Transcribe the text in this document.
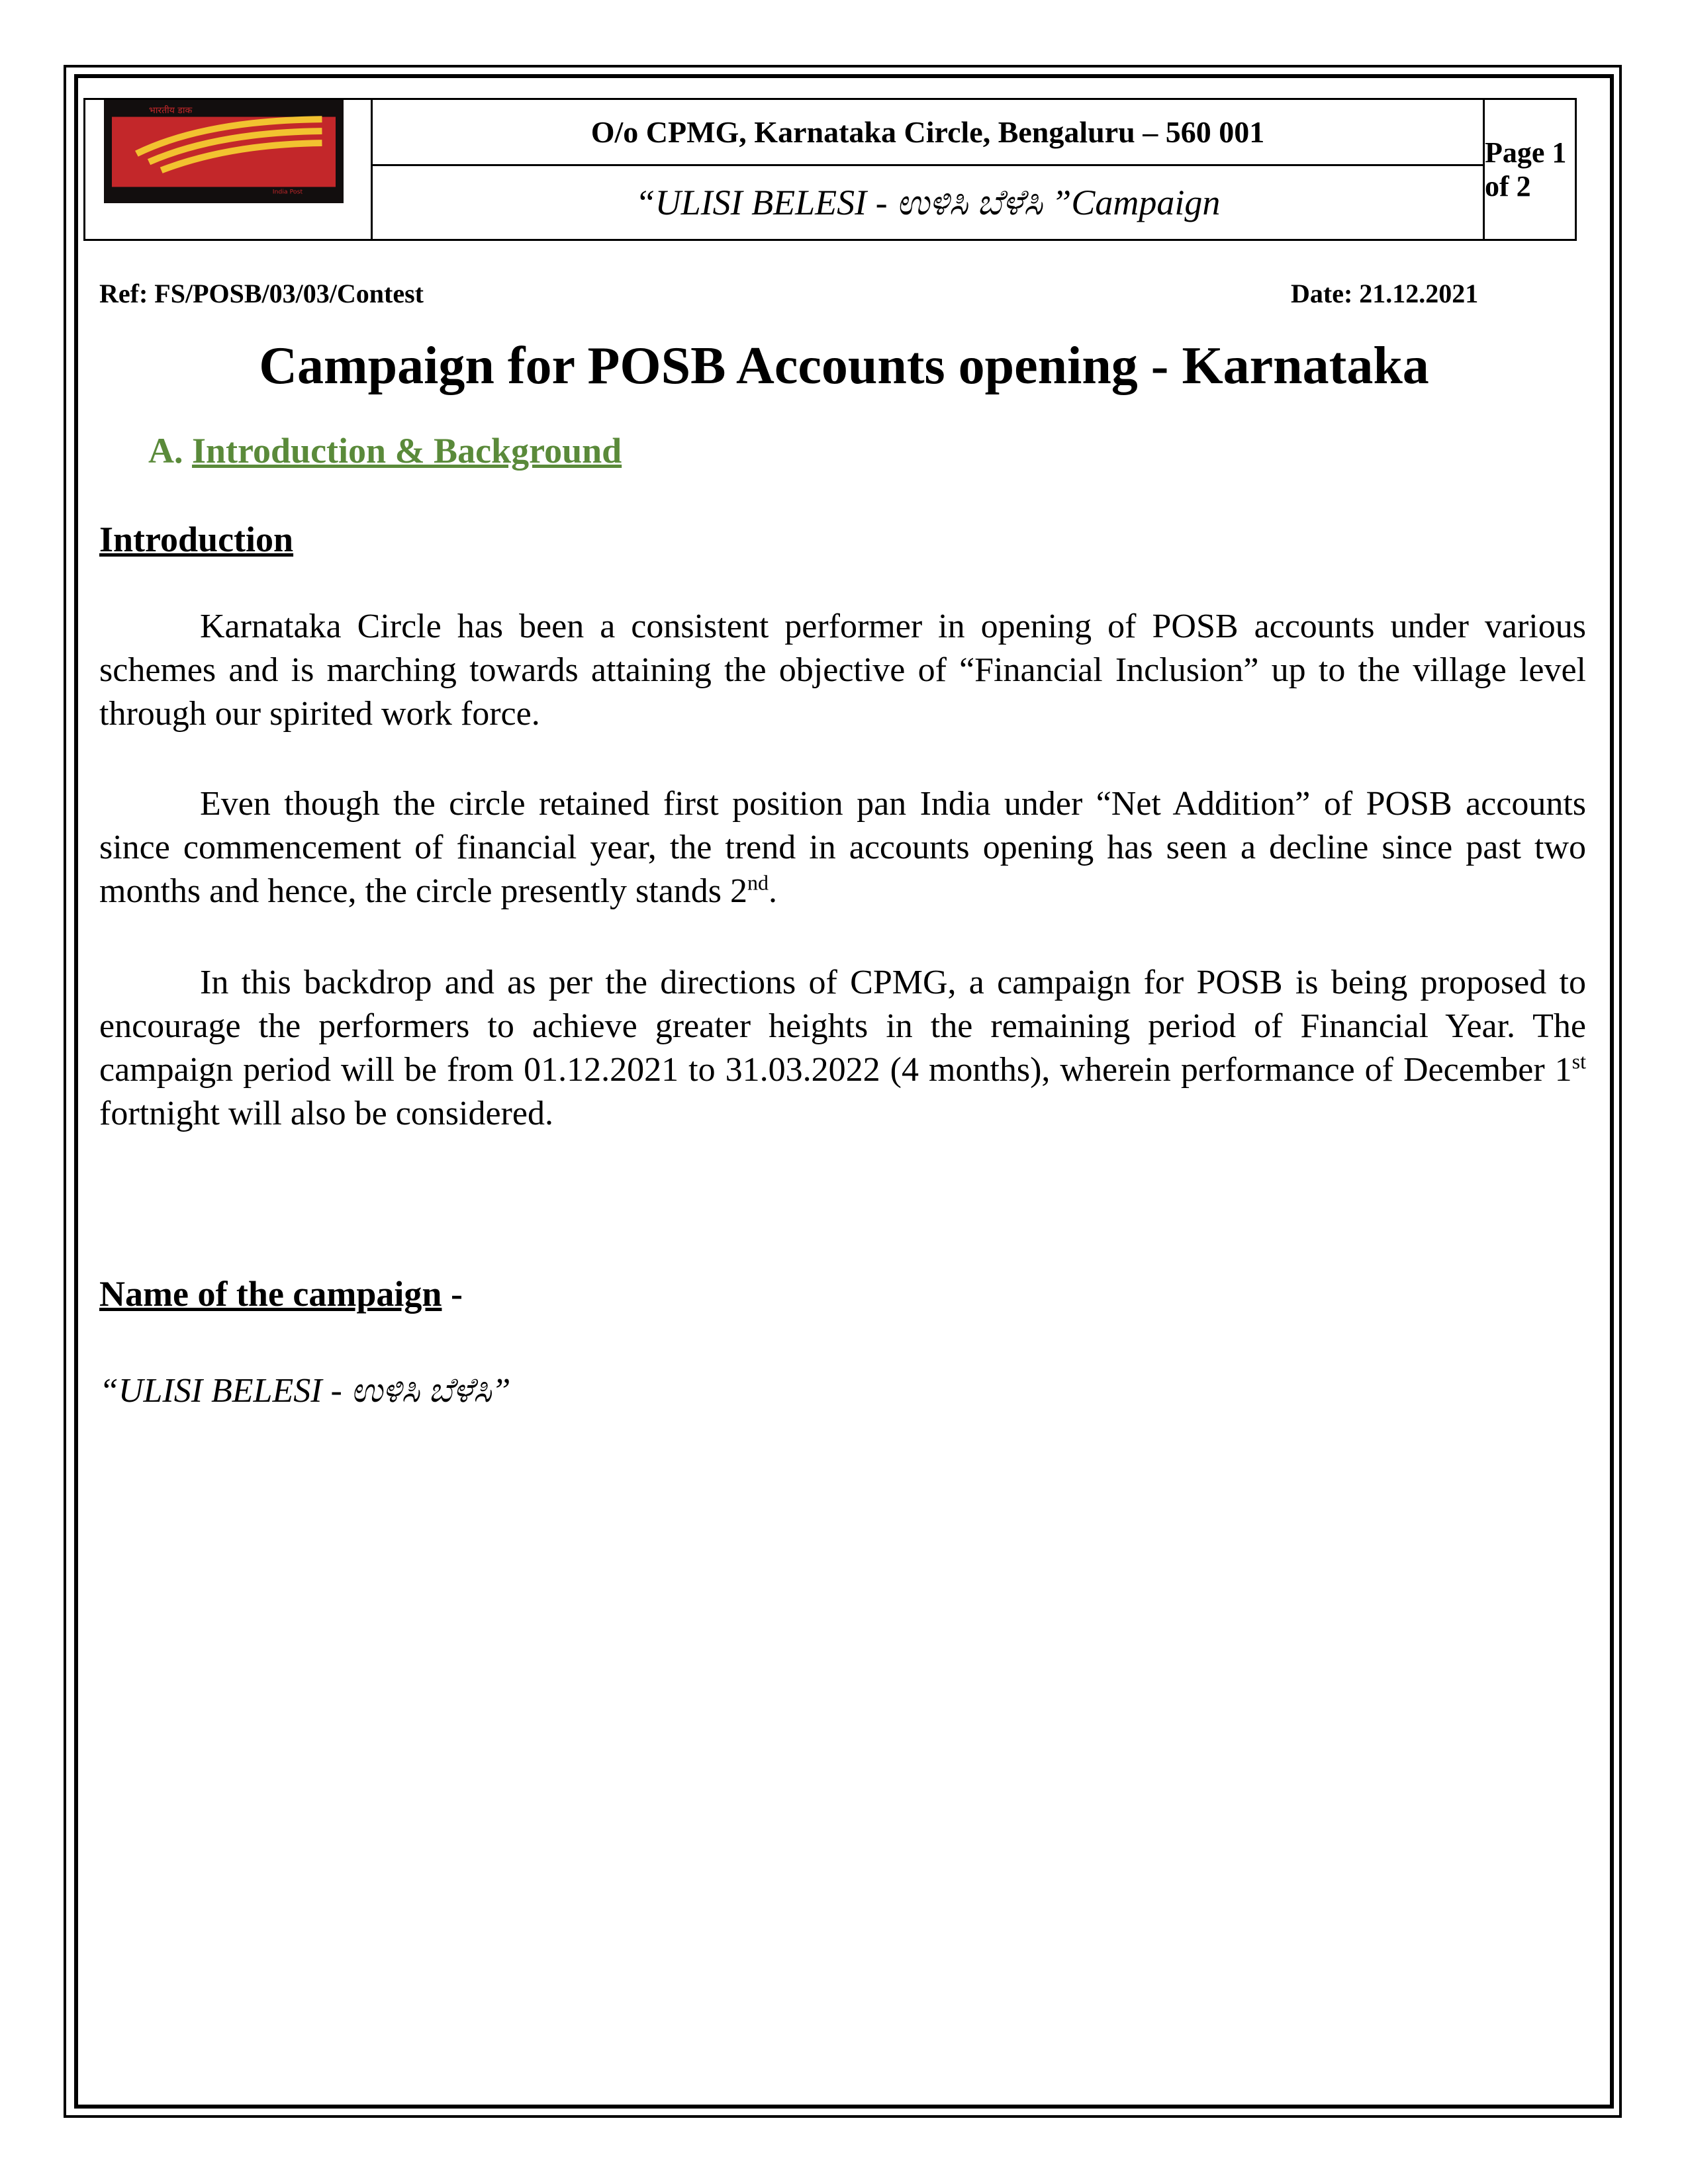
भारतीय डाक
India Post
O/o CPMG, Karnataka Circle, Bengaluru – 560 001
“ULISI BELESI - ಉಳಿಸಿ ಬೆಳೆಸಿ ”Campaign
Page 1 of 2
Ref: FS/POSB/03/03/Contest	Date: 21.12.2021
Campaign for POSB Accounts opening - Karnataka
A. Introduction & Background
Introduction
Karnataka Circle has been a consistent performer in opening of POSB accounts under various schemes and is marching towards attaining the objective of “Financial Inclusion” up to the village level through our spirited work force.
Even though the circle retained first position pan India under “Net Addition” of POSB accounts since commencement of financial year, the trend in accounts opening has seen a decline since past two months and hence, the circle presently stands 2nd.
In this backdrop and as per the directions of CPMG, a campaign for POSB is being proposed to encourage the performers to achieve greater heights in the remaining period of Financial Year. The campaign period will be from 01.12.2021 to 31.03.2022 (4 months), wherein performance of December 1st fortnight will also be considered.
Name of the campaign -
“ULISI BELESI - ಉಳಿಸಿ ಬೆಳೆಸಿ”
